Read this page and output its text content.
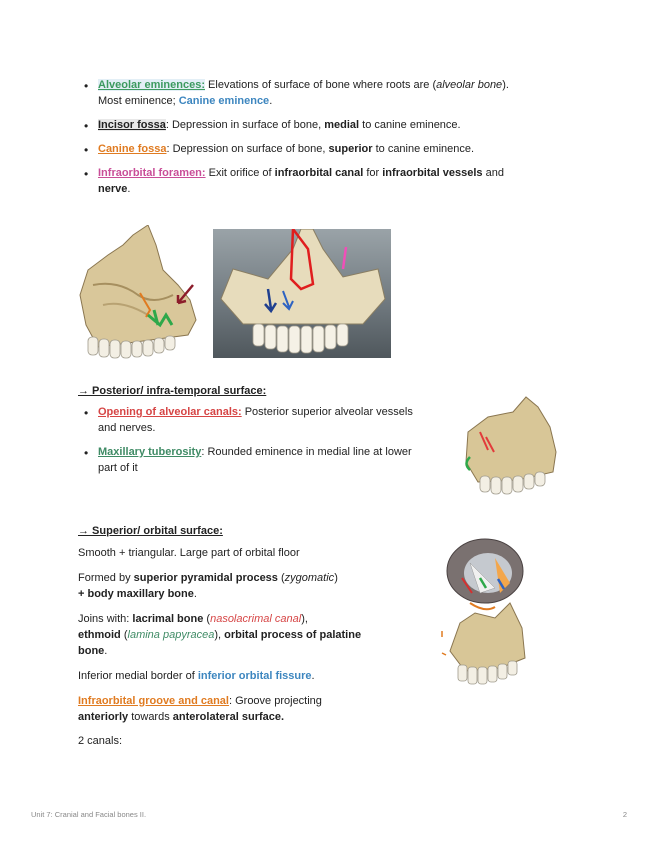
• Alveolar eminences: Elevations of surface of bone where roots are (alveolar bone).
Most eminence; Canine eminence.
• Incisor fossa: Depression in surface of bone, medial to canine eminence.
• Canine fossa: Depression on surface of bone, superior to canine eminence.
• Infraorbital foramen: Exit orifice of infraorbital canal for infraorbital vessels and
nerve.
→ Posterior/ infra-temporal surface:
• Opening of alveolar canals: Posterior superior alveolar vessels and nerves.
• Maxillary tuberosity: Rounded eminence in medial line at lower part of it
→ Superior/ orbital surface:

Smooth + triangular. Large part of orbital floor

Formed by superior pyramidal process (zygomatic)
+ body maxillary bone.

Joins with: lacrimal bone (nasolacrimal canal),
ethmoid (lamina papyracea), orbital process of palatine bone.

Inferior medial border of inferior orbital fissure.

Infraorbital groove and canal: Groove projecting
anteriorly towards anterolateral surface.

2 canals:

Unit 7: Cranial and Facial bones II.	2
